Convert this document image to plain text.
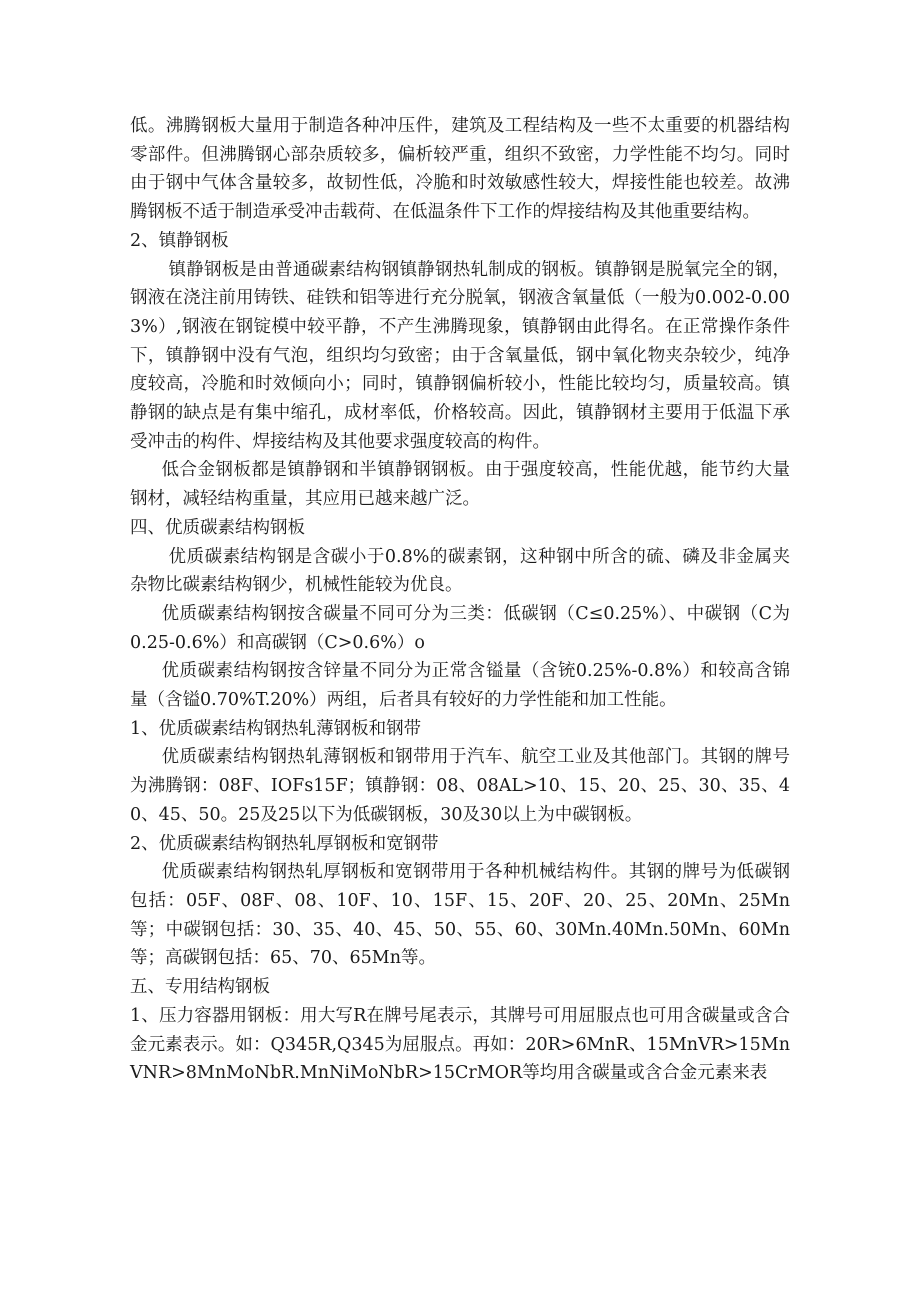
低。沸腾钢板大量用于制造各种冲压件，建筑及工程结构及一些不太重要的机器结构零部件。但沸腾钢心部杂质较多，偏析较严重，组织不致密，力学性能不均匀。同时由于钢中气体含量较多，故韧性低，冷脆和时效敏感性较大，焊接性能也较差。故沸腾钢板不适于制造承受冲击载荷、在低温条件下工作的焊接结构及其他重要结构。

2、镇静钢板

镇静钢板是由普通碳素结构钢镇静钢热轧制成的钢板。镇静钢是脱氧完全的钢，钢液在浇注前用铸铁、硅铁和铝等进行充分脱氧，钢液含氧量低（一般为0.002-0.003%）,钢液在钢锭模中较平静，不产生沸腾现象，镇静钢由此得名。在正常操作条件下，镇静钢中没有气泡，组织均匀致密；由于含氧量低，钢中氧化物夹杂较少，纯净度较高，冷脆和时效倾向小；同时，镇静钢偏析较小，性能比较均匀，质量较高。镇静钢的缺点是有集中缩孔，成材率低，价格较高。因此，镇静钢材主要用于低温下承受冲击的构件、焊接结构及其他要求强度较高的构件。

低合金钢板都是镇静钢和半镇静钢钢板。由于强度较高，性能优越，能节约大量钢材，减轻结构重量，其应用已越来越广泛。

四、优质碳素结构钢板

优质碳素结构钢是含碳小于0.8%的碳素钢，这种钢中所含的硫、磷及非金属夹杂物比碳素结构钢少，机械性能较为优良。

优质碳素结构钢按含碳量不同可分为三类：低碳钢（C≤0.25%）、中碳钢（C为0.25-0.6%）和高碳钢（C>0.6%）o

优质碳素结构钢按含锌量不同分为正常含镒量（含铳0.25%-0.8%）和较高含锦量（含镒0.70%T.20%）两组，后者具有较好的力学性能和加工性能。

1、优质碳素结构钢热轧薄钢板和钢带

优质碳素结构钢热轧薄钢板和钢带用于汽车、航空工业及其他部门。其钢的牌号为沸腾钢：08F、IOFs15F；镇静钢：08、08AL>10、15、20、25、30、35、40、45、50。25及25以下为低碳钢板，30及30以上为中碳钢板。

2、优质碳素结构钢热轧厚钢板和宽钢带

优质碳素结构钢热轧厚钢板和宽钢带用于各种机械结构件。其钢的牌号为低碳钢包括：05F、08F、08、10F、10、15F、15、20F、20、25、20Mn、25Mn等；中碳钢包括：30、35、40、45、50、55、60、30Mn.40Mn.50Mn、60Mn等；高碳钢包括：65、70、65Mn等。

五、专用结构钢板

1、压力容器用钢板：用大写R在牌号尾表示，其牌号可用屈服点也可用含碳量或含合金元素表示。如：Q345R,Q345为屈服点。再如：20R>6MnR、15MnVR>15MnVNR>8MnMoNbR.MnNiMoNbR>15CrMOR等均用含碳量或含合金元素来表
